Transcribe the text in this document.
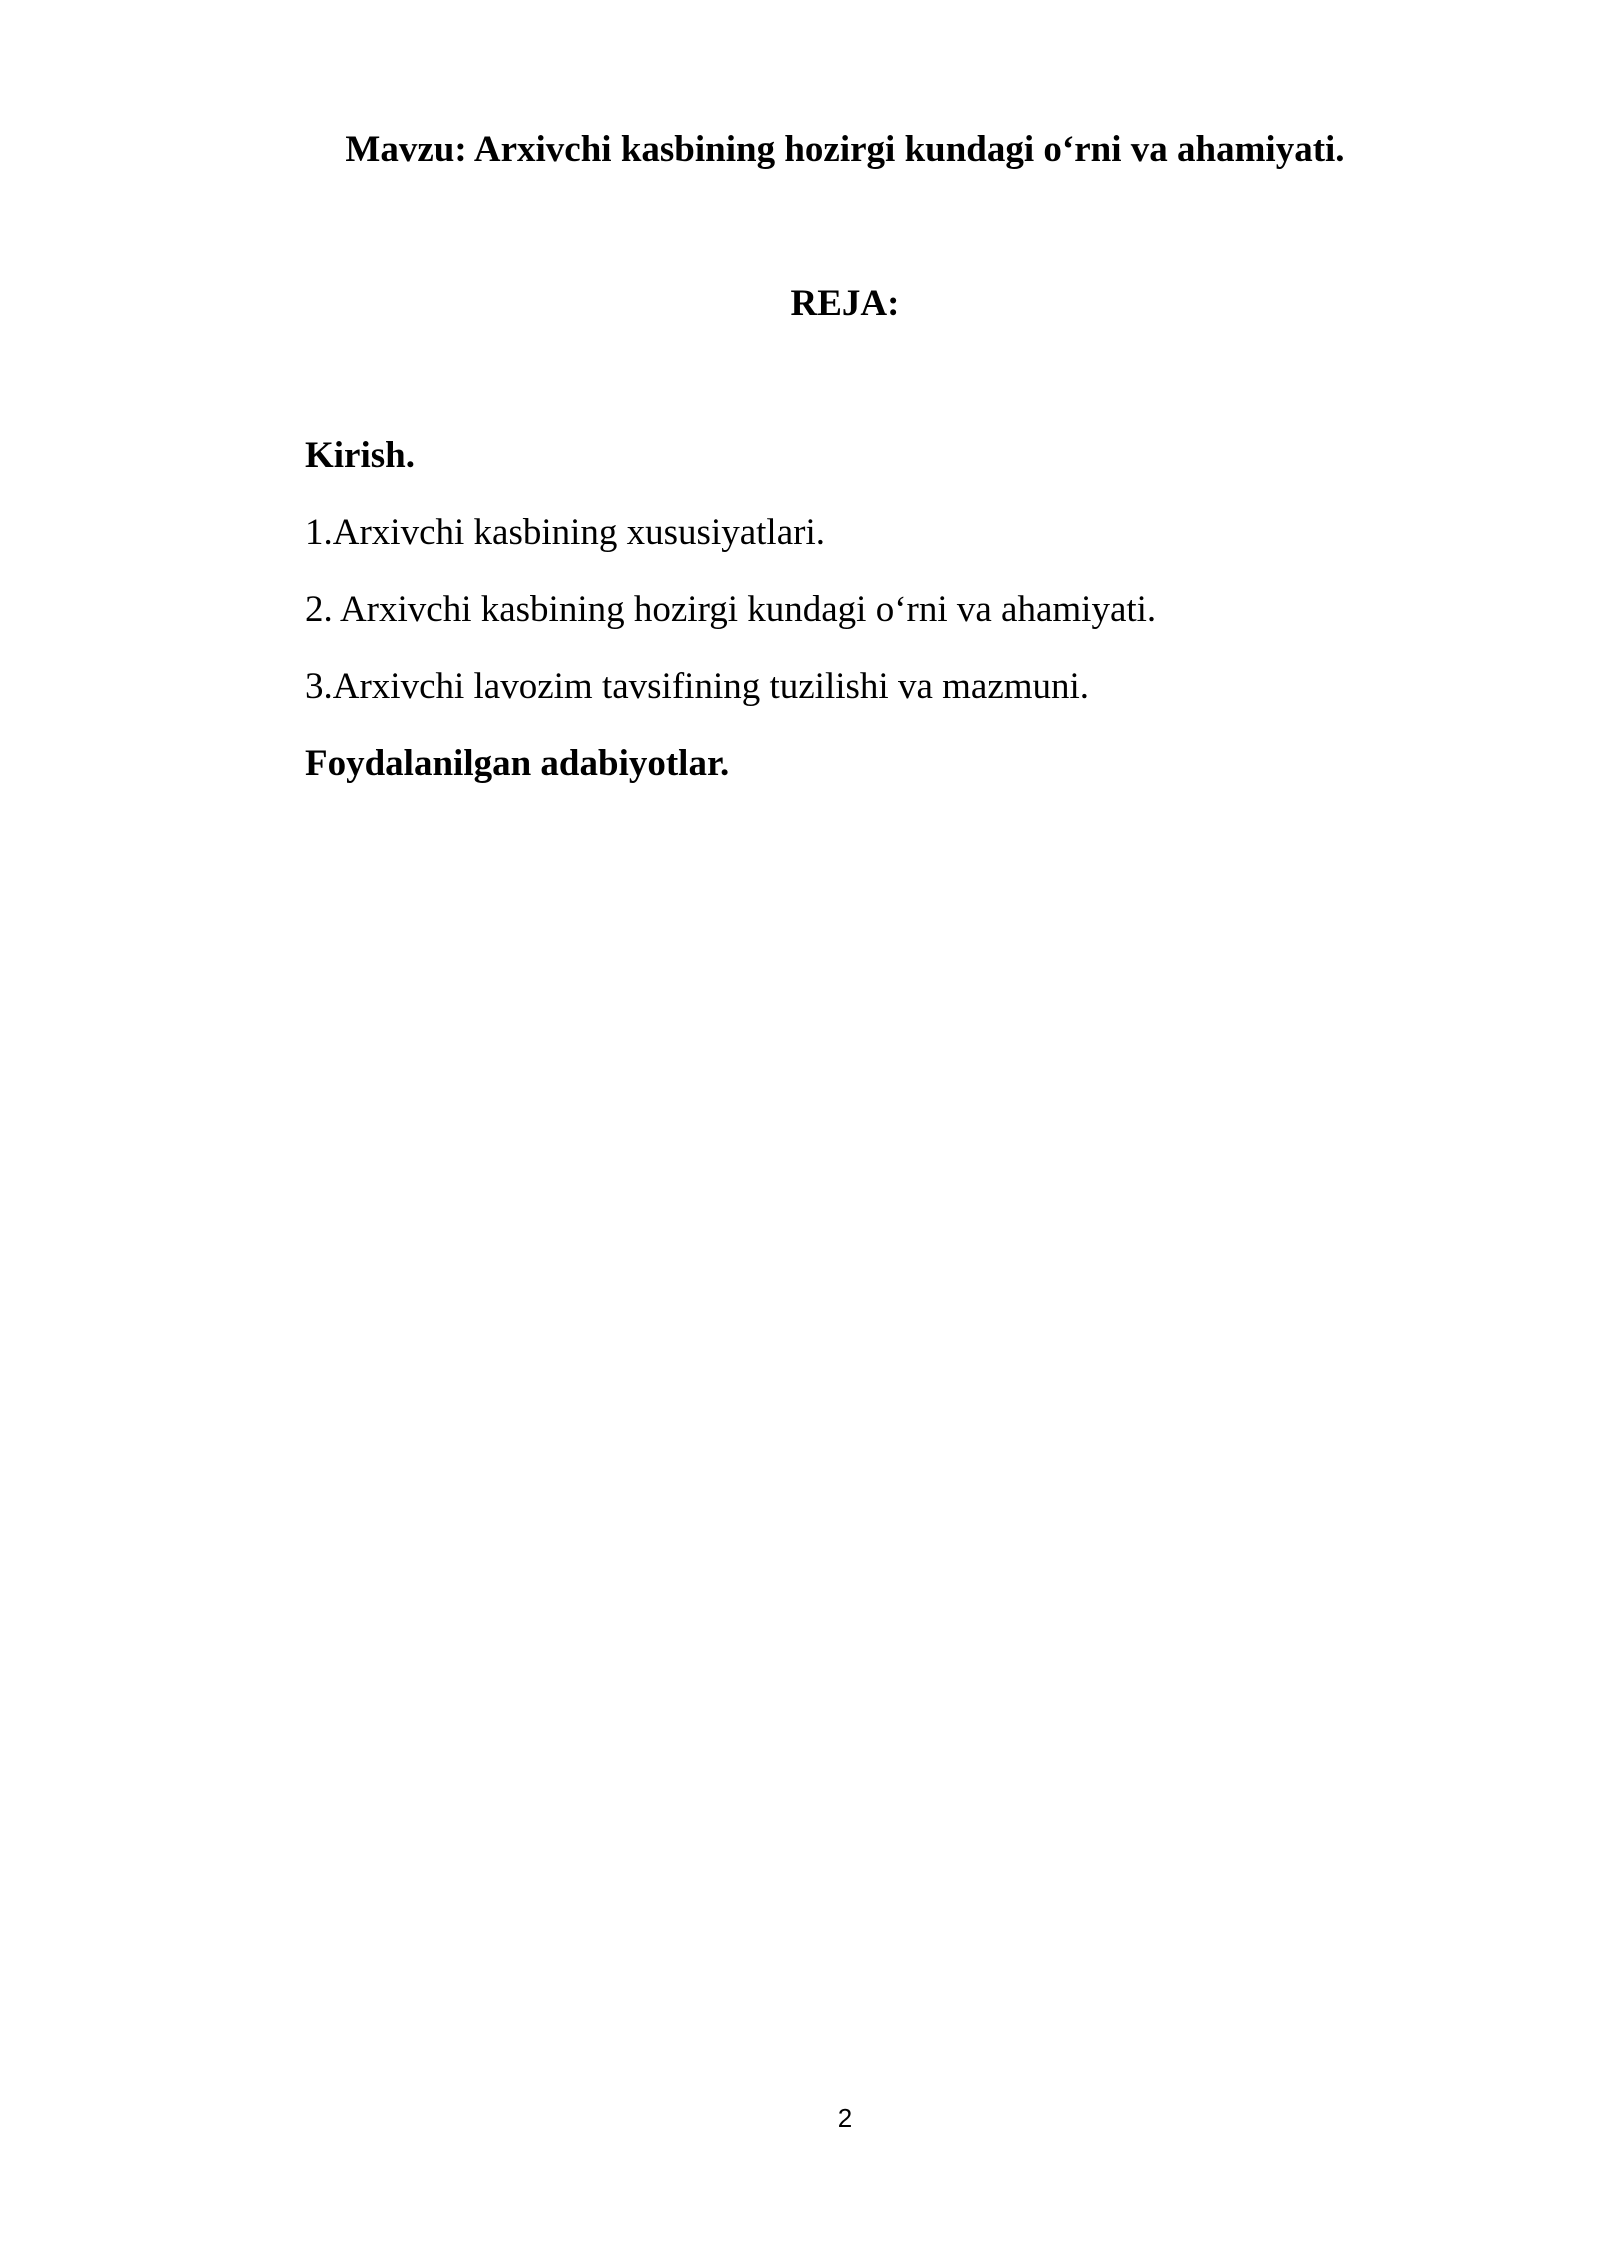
Mavzu: Arxivchi kasbining hozirgi kundagi o‘rni va ahamiyati.
REJA:
Kirish.
1.Arxivchi kasbining xususiyatlari.
2. Arxivchi kasbining hozirgi kundagi o‘rni va ahamiyati.
3.Arxivchi lavozim tavsifining tuzilishi va mazmuni.
Foydalanilgan adabiyotlar.
2
